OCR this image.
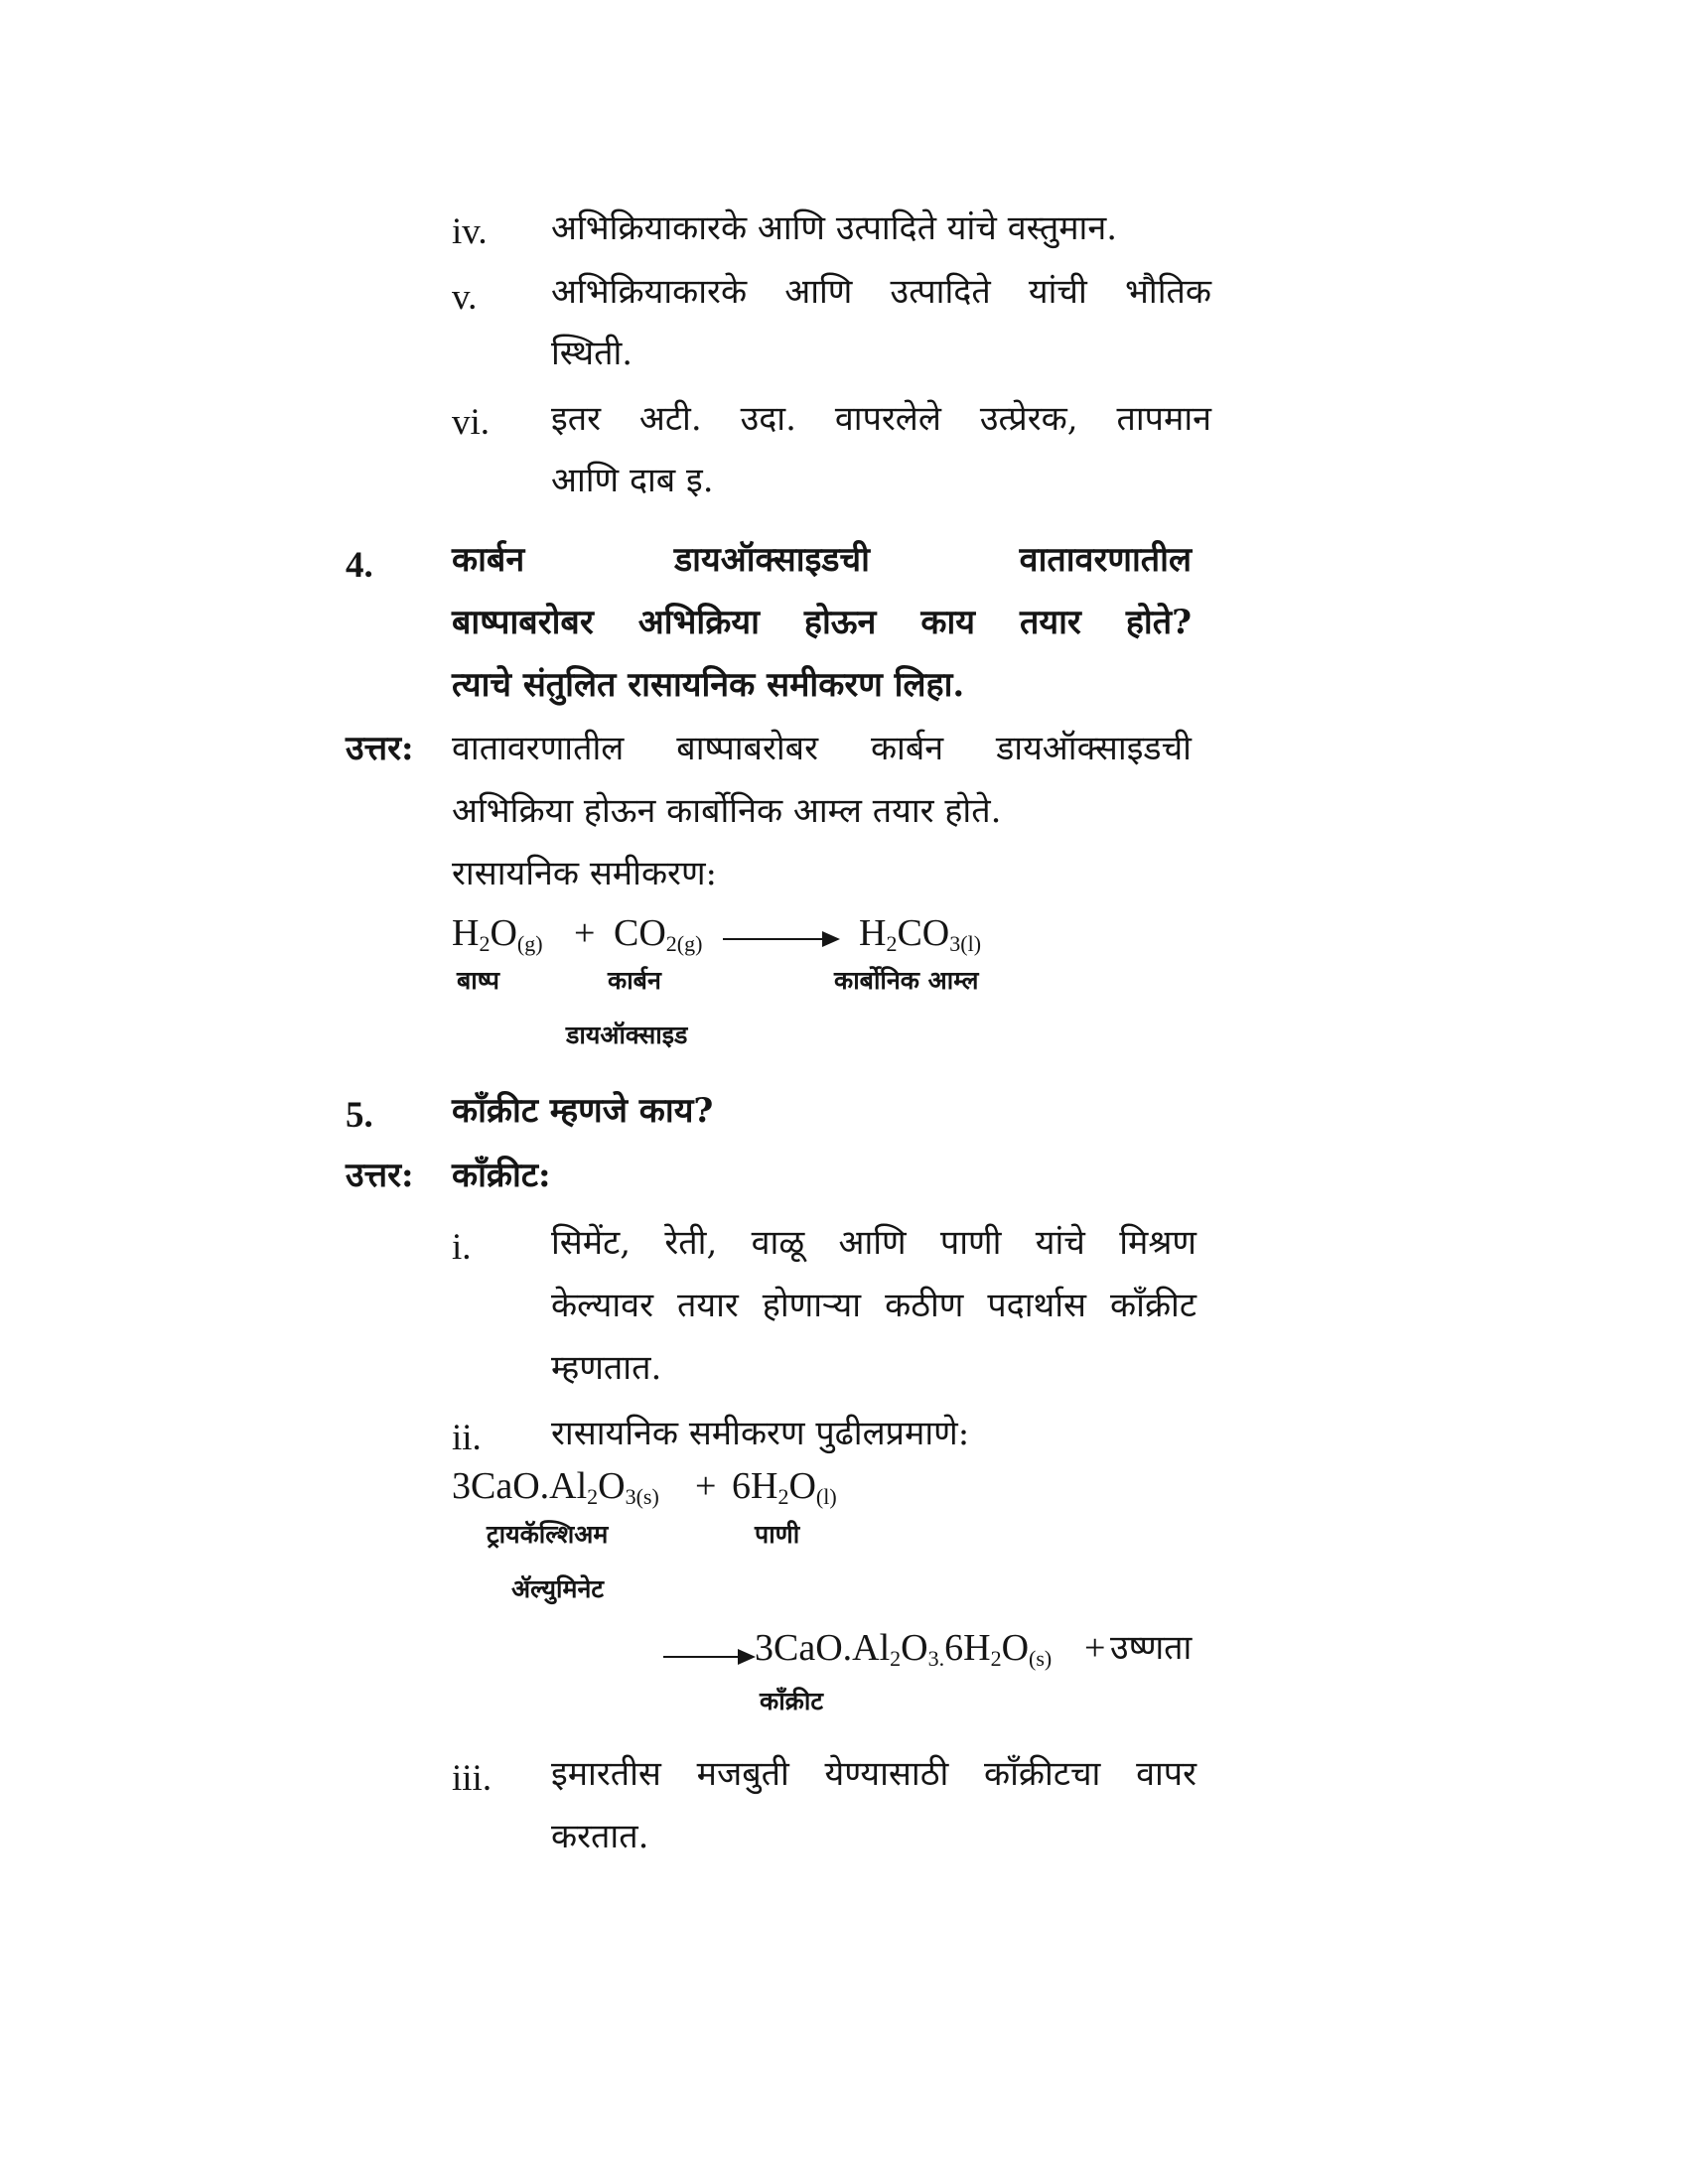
iv. अभिक्रियाकारके आणि उत्पादिते यांचे वस्तुमान.
v. अभिक्रियाकारके आणि उत्पादिते यांची भौतिक
स्थिती.
vi. इतर अटी. उदा. वापरलेले उत्प्रेरक, तापमान
आणि दाब इ.
4. कार्बन डायऑक्साइडची वातावरणातील
बाष्पाबरोबर अभिक्रिया होऊन काय तयार होते?
त्याचे संतुलित रासायनिक समीकरण लिहा.
उत्तर: वातावरणातील बाष्पाबरोबर कार्बन डायऑक्साइडची
अभिक्रिया होऊन कार्बोनिक आम्ल तयार होते.
रासायनिक समीकरण:
$H_2O_{(g)} + CO_{2(g)}$	$H_2CO_{3(l)}$
बाष्प	कार्बन	कार्बोनिक आम्ल
डायऑक्साइड
5. काँक्रीट म्हणजे काय?
उत्तर: काँक्रीट:
i. सिमेंट, रेती, वाळू आणि पाणी यांचे मिश्रण
केल्यावर तयार होणाऱ्या कठीण पदार्थास काँक्रीट
म्हणतात.
ii. रासायनिक समीकरण पुढीलप्रमाणे:
$3CaO.Al_2O_{3(s)} + 6H_2O_{(l)}$
ट्रायकॅल्शिअम	पाणी
ॲल्युमिनेट
$3CaO.Al_2O_{3.}6H_2O_{(s)}$ + उष्णता
काँक्रीट
iii. इमारतीस मजबुती येण्यासाठी काँक्रीटचा वापर
करतात.
